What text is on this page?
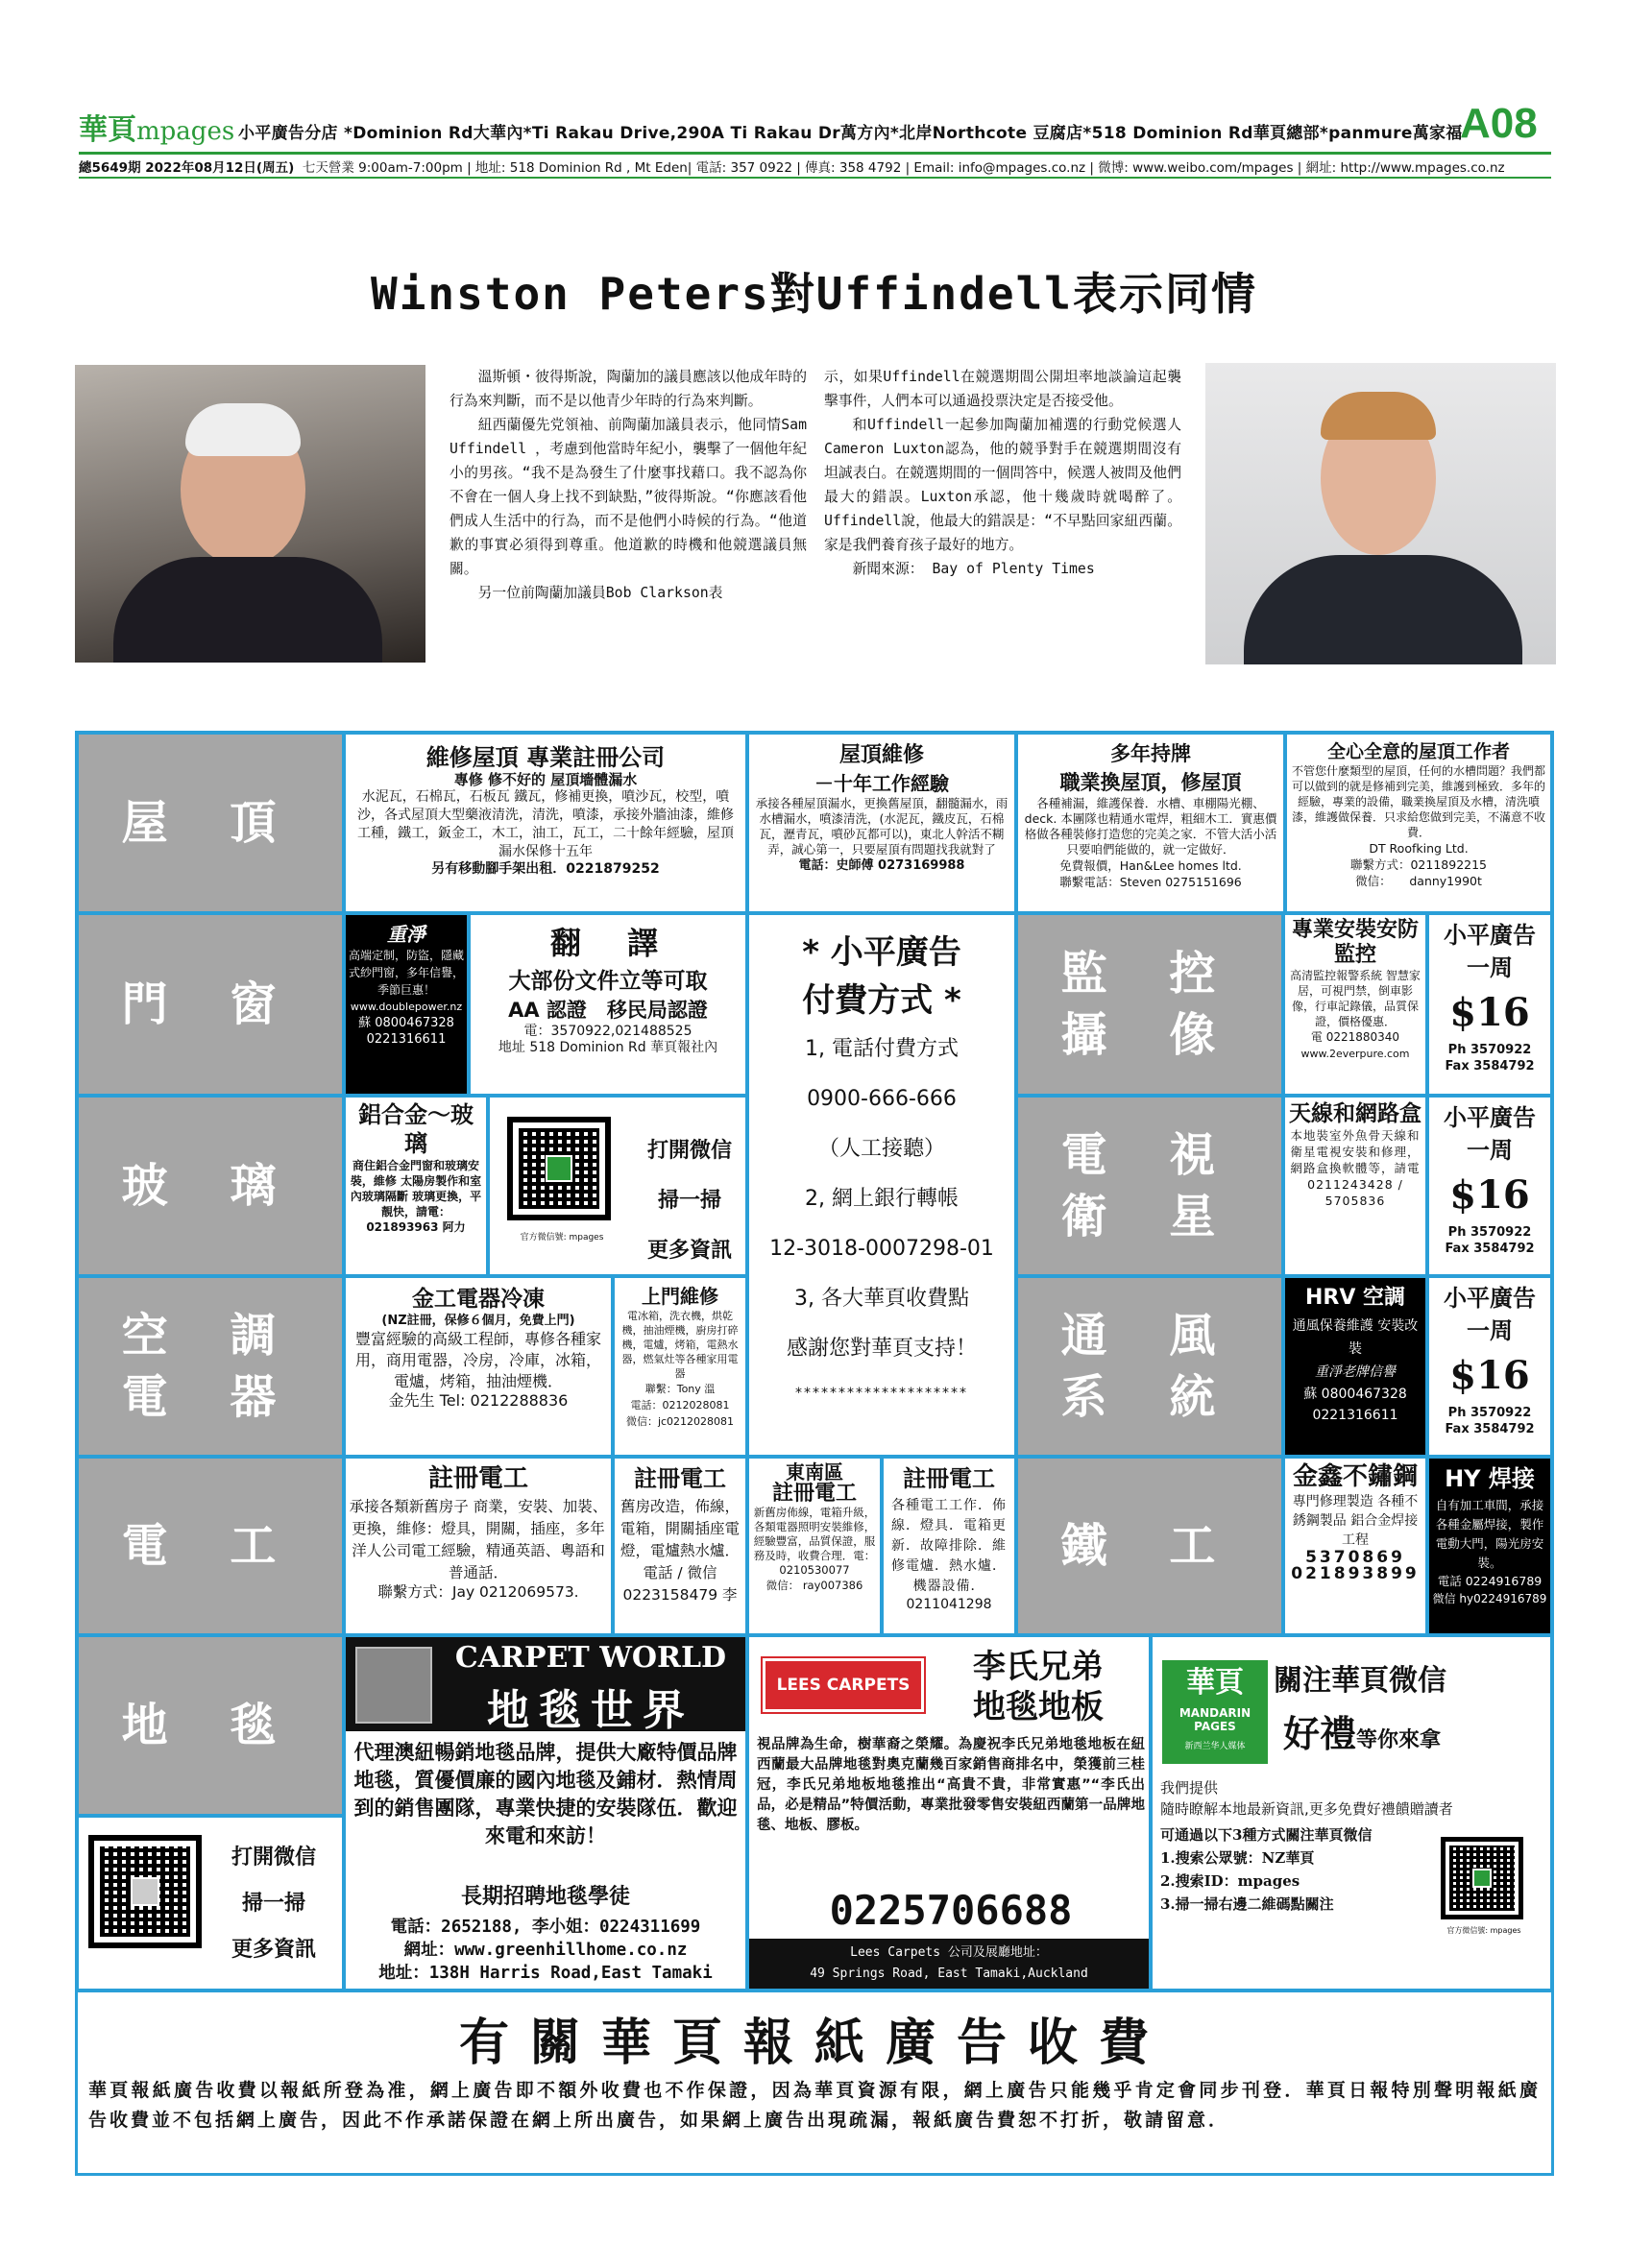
華頁mpages 小平廣告分店 *Dominion Rd大華內*Ti Rakau Drive,290A Ti Rakau Dr萬方內*北岸Northcote 豆腐店*518 Dominion Rd華頁總部*panmure萬家福
A08
總5649期 2022年08月12日(周五) 七天營業 9:00am-7:00pm | 地址: 518 Dominion Rd , Mt Eden| 電話: 357 0922 | 傳真: 358 4792 | Email: info@mpages.co.nz | 微博: www.weibo.com/mpages | 網址: http://www.mpages.co.nz
Winston Peters對Uffindell表示同情

溫斯頓・彼得斯說，陶蘭加的議員應該以他成年時的行為來判斷，而不是以他青少年時的行為來判斷。

紐西蘭優先党領袖、前陶蘭加議員表示，他同情Sam Uffindell ，考慮到他當時年紀小，襲擊了一個他年紀小的男孩。“我不是為發生了什麼事找藉口。我不認為你不會在一個人身上找不到缺點，”彼得斯說。“你應該看他們成人生活中的行為，而不是他們小時候的行為。“他道歉的事實必須得到尊重。他道歉的時機和他競選議員無關。

另一位前陶蘭加議員Bob Clarkson表

示，如果Uffindell在競選期間公開坦率地談論這起襲擊事件，人們本可以通過投票決定是否接受他。

和Uffindell一起參加陶蘭加補選的行動党候選人Cameron Luxton認為，他的競爭對手在競選期間沒有坦誠表白。在競選期間的一個問答中，候選人被問及他們最大的錯誤。Luxton承認，他十幾歲時就喝醉了。Uffindell說，他最大的錯誤是：“不早點回家紐西蘭。家是我們養育孩子最好的地方。

新聞來源： Bay of Plenty Times

屋 頂
門 窗
玻 璃
空 調 電 器
電 工
地 毯
監 控 攝 像
電 視 衛 星
通 風 系 統
鐵 工
維修屋頂 專業註冊公司
專修 修不好的 屋頂墻體漏水
水泥瓦，石棉瓦，石板瓦 鐵瓦，修補更換，噴沙瓦，校型，噴沙，各式屋頂大型藥液清洗，清洗，噴漆，承接外牆油漆，維修工種，鐵工，鈑金工，木工，油工，瓦工，二十餘年經驗，屋頂漏水保修十五年
另有移動腳手架出租．0221879252
屋頂維修
－十年工作經驗
承接各種屋頂漏水，更換舊屋頂，翻髓漏水，雨水槽漏水，噴漆清洗，(水泥瓦，鐵皮瓦，石棉瓦，瀝青瓦，噴砂瓦都可以)，東北人幹活不糊弄，誠心第一，只要屋頂有問題找我就對了
電話：史師傅 0273169988
多年持牌
職業換屋頂，修屋頂
各種補漏，維護保養．水槽、車棚陽光棚、deck. 本團隊也精通水電焊，粗細木工．實惠價格做各種裝修打造您的完美之家．不管大活小活只要咱們能做的，就一定做好．
免費報價，Han&Lee homes ltd.
聯繫電話：Steven 0275151696
全心全意的屋頂工作者
不管您什麼類型的屋頂，任何的水槽問題？我們都可以做到的就是修補到完美，維護到極致．多年的經驗，專業的設備，職業換屋頂及水槽，清洗噴漆，維護做保養．只求給您做到完美，不滿意不收費．
DT Roofking Ltd.
聯繫方式：0211892215
微信：　　danny1990t
重淨
高端定制，防盜，隱藏式紗門窗，多年信譽，季節巨惠！
www.doublepower.nz
蘇 0800467328
0221316611
翻　譯
大部份文件立等可取
AA 認證　移民局認證
電：3570922,021488525
地址 518 Dominion Rd 華頁報社內
* 小平廣告
付費方式 *
1, 電話付費方式
0900-666-666
（人工接聽）
2, 網上銀行轉帳
12-3018-0007298-01
3, 各大華頁收費點
感謝您對華頁支持！
********************
專業安裝安防監控
高清監控報警系統 智慧家居，可視門禁，倒車影像，行車記錄儀，品質保證，價格優惠．
電 0221880340
www.2everpure.com
小平廣告一周
$16
Ph 3570922
Fax 3584792
鋁合金～玻璃
商住鋁合金門窗和玻璃安裝，維修 太陽房製作和室內玻璃隔斷 玻璃更換，平靚快，請電：021893963 阿力
官方微信號: mpages
打開微信
掃一掃
更多資訊
天線和網路盒
本地裝室外魚骨天線和衛星電視安裝和修理，網路盒換軟體等，請電 0211243428 / 5705836
小平廣告一周
$16
Ph 3570922
Fax 3584792
金工電器冷凍
(NZ註冊，保修６個月，免費上門)
豐富經驗的高級工程師，專修各種家用，商用電器，冷房，冷庫，冰箱，電爐，烤箱，抽油煙機．
金先生 Tel: 0212288836
上門維修
電冰箱，洗衣機，烘乾機，抽油煙機，廚房打碎機，電爐，烤箱，電熱水器，燃氣灶等各種家用電器
聯繫：Tony 溫
電話：0212028081
微信：jc0212028081
HRV 空調
通風保養維護 安裝改裝
重淨老牌信譽
蘇 0800467328
0221316611
小平廣告一周
$16
Ph 3570922
Fax 3584792
註冊電工
承接各類新舊房子 商業，安裝、加裝、更換，維修：燈具，開關，插座，多年洋人公司電工經驗，精通英語、粵語和普通話．
聯繫方式：Jay 0212069573.
註冊電工
舊房改造，佈線，電箱，開關插座電燈，電爐熱水爐．電話 / 微信 0223158479 李
東南區
註冊電工
新舊房佈線，電箱升級，各類電器照明安裝維修，經驗豐富，品質保證，服務及時，收費合理．電：0210530077
微信： ray007386
註冊電工
各種電工工作．佈線．燈具．電箱更新．故障排除．維修電爐．熱水爐．機器設備．
0211041298
金鑫不鏽鋼
專門修理製造 各種不銹鋼製品 鋁合金焊接工程
5370869
021893899
HY 焊接
自有加工車間，承接各種金屬焊接，製作電動大門，陽光房安裝。
電話 0224916789
微信 hy0224916789
CARPET WORLD
地毯世界
代理澳紐暢銷地毯品牌，提供大廠特價品牌地毯，質優價廉的國內地毯及鋪材．熱情周到的銷售團隊，專業快捷的安裝隊伍．歡迎來電和來訪！
長期招聘地毯學徒
電話：2652188, 李小姐：0224311699
網址：www.greenhillhome.co.nz
地址：138H Harris Road,East Tamaki
LEES CARPETS	李氏兄弟
地毯地板
視品牌為生命，樹華裔之榮耀。為慶祝李氏兄弟地毯地板在紐西蘭最大品牌地毯對奧克蘭幾百家銷售商排名中，榮獲前三桂冠，李氏兄弟地板地毯推出“高貴不貴，非常實惠”“李氏出品，必是精品”特價活動，專業批發零售安裝紐西蘭第一品牌地毯、地板、膠板。
0225706688
Lees Carpets 公司及展廳地址：
49 Springs Road, East Tamaki,Auckland
華頁
MANDARIN PAGES
新西兰华人媒体
關注華頁微信
好禮等你來拿
我們提供
隨時瞭解本地最新資訊,更多免費好禮饋贈讀者
可通過以下3種方式關注華頁微信
1.搜索公眾號：NZ華頁
2.搜索ID：mpages
3.掃一掃右邊二維碼點關注
官方微信號: mpages
打開微信
掃一掃
更多資訊
有關華頁報紙廣告收費
華頁報紙廣告收費以報紙所登為准，網上廣告即不額外收費也不作保證，因為華頁資源有限，網上廣告只能幾乎肯定會同步刊登．華頁日報特別聲明報紙廣告收費並不包括網上廣告，因此不作承諾保證在網上所出廣告，如果網上廣告出現疏漏，報紙廣告費恕不打折，敬請留意．
